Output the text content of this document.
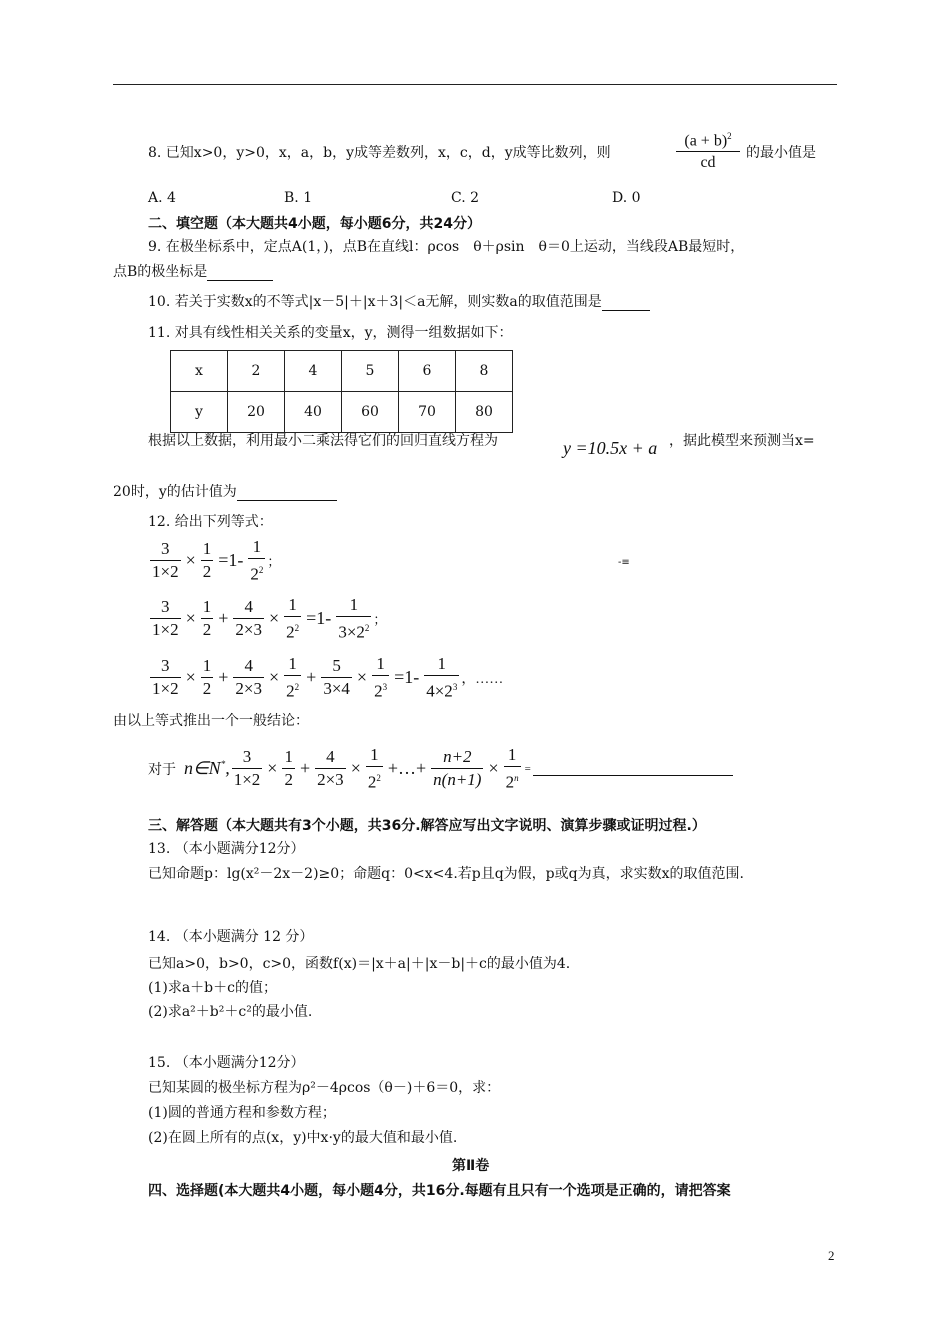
8. 已知x>0，y>0，x，a，b，y成等差数列，x，c，d，y成等比数列，则
$(a + b)^2$
cd
的最小值是
A. 4	B. 1	C. 2	D. 0
二、填空题（本大题共4小题，每小题6分，共24分）
9. 在极坐标系中，定点A(1，)，点B在直线l：ρcos　θ＋ρsin　θ＝0上运动，当线段AB最短时，
点B的极坐标是
10. 若关于实数x的不等式|x－5|＋|x＋3|＜a无解，则实数a的取值范围是
11. 对具有线性相关关系的变量x，y，测得一组数据如下：
x	2	4	5	6	8
y	20	40	60	70	80
根据以上数据，利用最小二乘法得它们的回归直线方程为	y =10.5x + a ，据此模型来预测当x=
20时，y的估计值为
12. 给出下列等式：
$\frac{3}{1\times 2} \times \frac{1}{2} =1- \frac{1}{2^2}$ ；	-≡
$\frac{3}{1\times 2} \times \frac{1}{2} + \frac{4}{2\times 3} \times \frac{1}{2^2} =1- \frac{1}{3\times 2^2}$ ；
$\frac{3}{1\times 2} \times \frac{1}{2} + \frac{4}{2\times 3} \times \frac{1}{2^2} + \frac{5}{3\times 4} \times \frac{1}{2^3} =1- \frac{1}{4\times 2^3}$ ，……
由以上等式推出一个一般结论：
对于 n∈N*, $\frac{3}{1\times 2} \times \frac{1}{2} + \frac{4}{2\times 3} \times \frac{1}{2^2}$ +…+ $\frac{n+2}{n(n+1)} \times \frac{1}{2^n}$ =
三、解答题（本大题共有3个小题，共36分.解答应写出文字说明、演算步骤或证明过程.）
13. （本小题满分12分）
已知命题p：lg(x²－2x－2)≥0；命题q：0<x<4.若p且q为假，p或q为真，求实数x的取值范围.
14. （本小题满分 12 分）
已知a>0，b>0，c>0，函数f(x)＝|x＋a|＋|x－b|＋c的最小值为4.
(1)求a＋b＋c的值；
(2)求a²＋b²＋c²的最小值.
15. （本小题满分12分）
已知某圆的极坐标方程为ρ²－4ρcos（θ－)＋6＝0，求：
(1)圆的普通方程和参数方程；
(2)在圆上所有的点(x，y)中x·y的最大值和最小值.
第Ⅱ卷
四、选择题(本大题共4小题，每小题4分，共16分.每题有且只有一个选项是正确的，请把答案
2
